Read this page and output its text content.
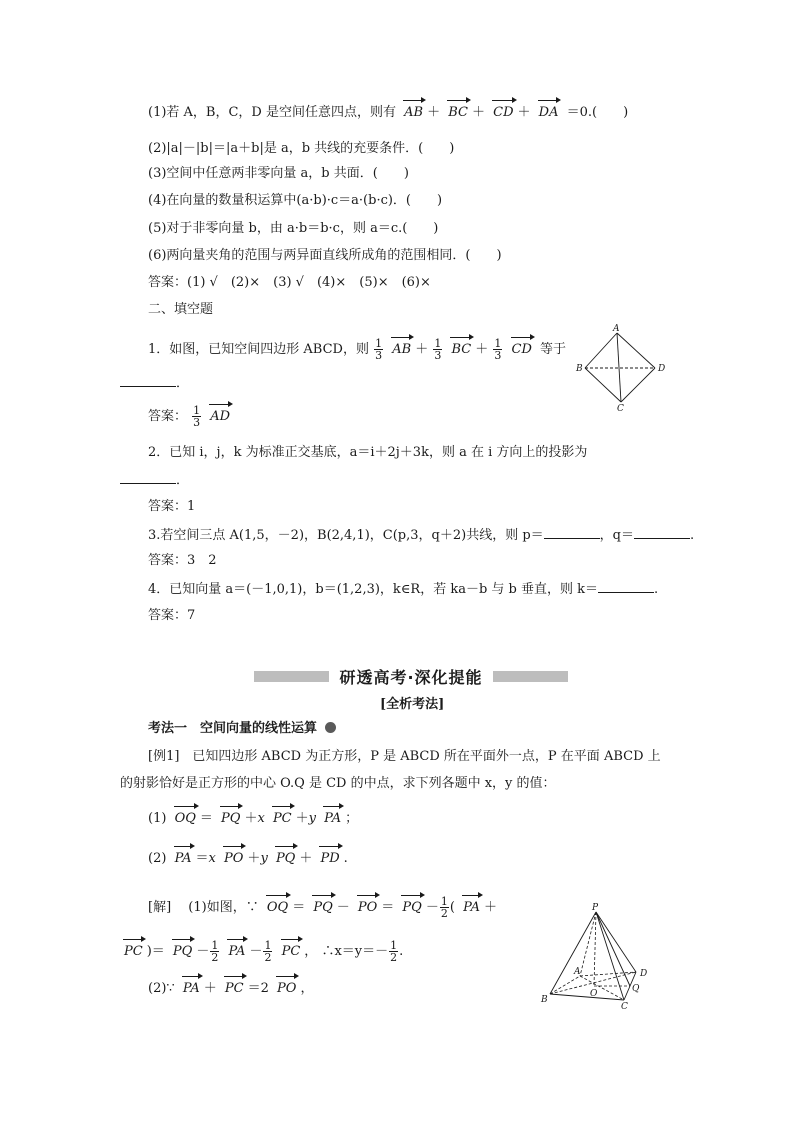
(1)若 A，B，C，D 是空间任意四点，则有 AB ＋ BC ＋ CD ＋ DA ＝0.(　　)
(2)|a|－|b|＝|a＋b|是 a，b 共线的充要条件．(　　)
(3)空间中任意两非零向量 a，b 共面．(　　)
(4)在向量的数量积运算中(a·b)·c＝a·(b·c)．(　　)
(5)对于非零向量 b，由 a·b＝b·c，则 a＝c.(　　)
(6)两向量夹角的范围与两异面直线所成角的范围相同．(　　)
答案：(1) √　(2)×　(3) √　(4)×　(5)×　(6)×
二、填空题
1．如图，已知空间四边形 ABCD，则 $\frac{1}{3}$ AB ＋ $\frac{1}{3}$ BC ＋ $\frac{1}{3}$ CD 等于
．
A
B
C
D
答案： $\frac{1}{3}$ AD
2．已知 i，j，k 为标准正交基底，a＝i＋2j＋3k，则 a 在 i 方向上的投影为
．
答案：1
3.若空间三点 A(1,5，－2)，B(2,4,1)，C(p,3，q＋2)共线，则 p＝	，q＝	.
答案：3　2
4．已知向量 a＝(－1,0,1)，b＝(1,2,3)，k∈R，若 ka－b 与 b 垂直，则 k＝	.
答案：7
研透高考·深化提能
[全析考法]
考法一　空间向量的线性运算
[例1]　已知四边形 ABCD 为正方形，P 是 ABCD 所在平面外一点，P 在平面 ABCD 上
的射影恰好是正方形的中心 O.Q 是 CD 的中点，求下列各题中 x，y 的值：
(1) OQ ＝ PQ ＋x PC ＋y PA ；
(2) PA ＝x PO ＋y PQ ＋ PD .
[解]　 (1)如图，∵ OQ ＝ PQ － PO ＝ PQ － $\frac{1}{2}$ ( PA ＋
PC )＝ PQ － $\frac{1}{2}$ PA － $\frac{1}{2}$ PC ， ∴x＝y＝－ $\frac{1}{2}$ .
(2)∵ PA ＋ PC ＝2 PO ，
P
A
B
C
D
O	Q
